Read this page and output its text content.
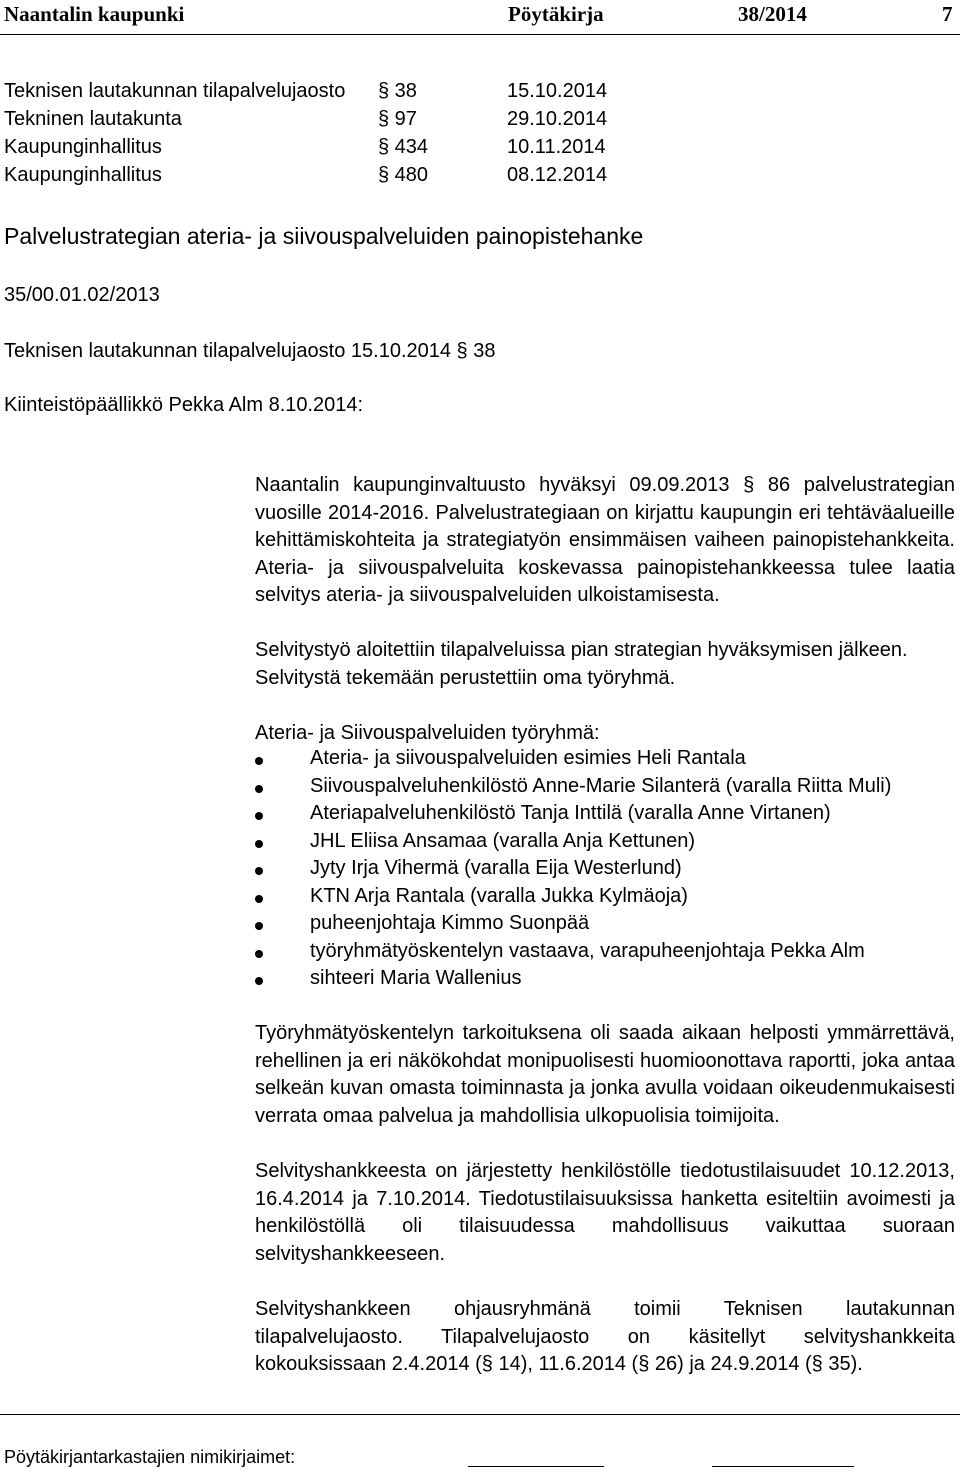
Naantalin kaupunki	Pöytäkirja	38/2014	7
Teknisen lautakunnan tilapalvelujaosto § 38	15.10.2014
Tekninen lautakunta	§ 97	29.10.2014
Kaupunginhallitus	§ 434	10.11.2014
Kaupunginhallitus	§ 480	08.12.2014
Palvelustrategian ateria- ja siivouspalveluiden painopistehanke
35/00.01.02/2013
Teknisen lautakunnan tilapalvelujaosto 15.10.2014 § 38
Kiinteistöpäällikkö Pekka Alm 8.10.2014:

Naantalin kaupunginvaltuusto hyväksyi 09.09.2013 § 86 palvelustrategian vuosille 2014-2016. Palvelustrategiaan on kirjattu kaupungin eri tehtäväalueille kehittämiskohteita ja strategiatyön ensimmäisen vaiheen painopistehankkeita. Ateria- ja siivouspalveluita koskevassa painopistehankkeessa tulee laatia selvitys ateria- ja siivouspalveluiden ulkoistamisesta.

Selvitystyö aloitettiin tilapalveluissa pian strategian hyväksymisen jälkeen. Selvitystä tekemään perustettiin oma työryhmä.

Ateria- ja Siivouspalveluiden työryhmä:

Ateria- ja siivouspalveluiden esimies Heli Rantala
Siivouspalveluhenkilöstö Anne-Marie Silanterä (varalla Riitta Muli)
Ateriapalveluhenkilöstö Tanja Inttilä (varalla Anne Virtanen)
JHL Eliisa Ansamaa (varalla Anja Kettunen)
Jyty Irja Vihermä (varalla Eija Westerlund)
KTN Arja Rantala (varalla Jukka Kylmäoja)
puheenjohtaja Kimmo Suonpää
työryhmätyöskentelyn vastaava, varapuheenjohtaja Pekka Alm
sihteeri Maria Wallenius

Työryhmätyöskentelyn tarkoituksena oli saada aikaan helposti ymmärrettävä, rehellinen ja eri näkökohdat monipuolisesti huomioonottava raportti, joka antaa selkeän kuvan omasta toiminnasta ja jonka avulla voidaan oikeudenmukaisesti verrata omaa palvelua ja mahdollisia ulkopuolisia toimijoita.

Selvityshankkeesta on järjestetty henkilöstölle tiedotustilaisuudet 10.12.2013, 16.4.2014 ja 7.10.2014. Tiedotustilaisuuksissa hanketta esiteltiin avoimesti ja henkilöstöllä oli tilaisuudessa mahdollisuus vaikuttaa suoraan selvityshankkeeseen.

Selvityshankkeen ohjausryhmänä toimii Teknisen lautakunnan tilapalvelujaosto. Tilapalvelujaosto on käsitellyt selvityshankkeita kokouksissaan 2.4.2014 (§ 14), 11.6.2014 (§ 26) ja 24.9.2014 (§ 35).

Pöytäkirjantarkastajien nimikirjaimet:
